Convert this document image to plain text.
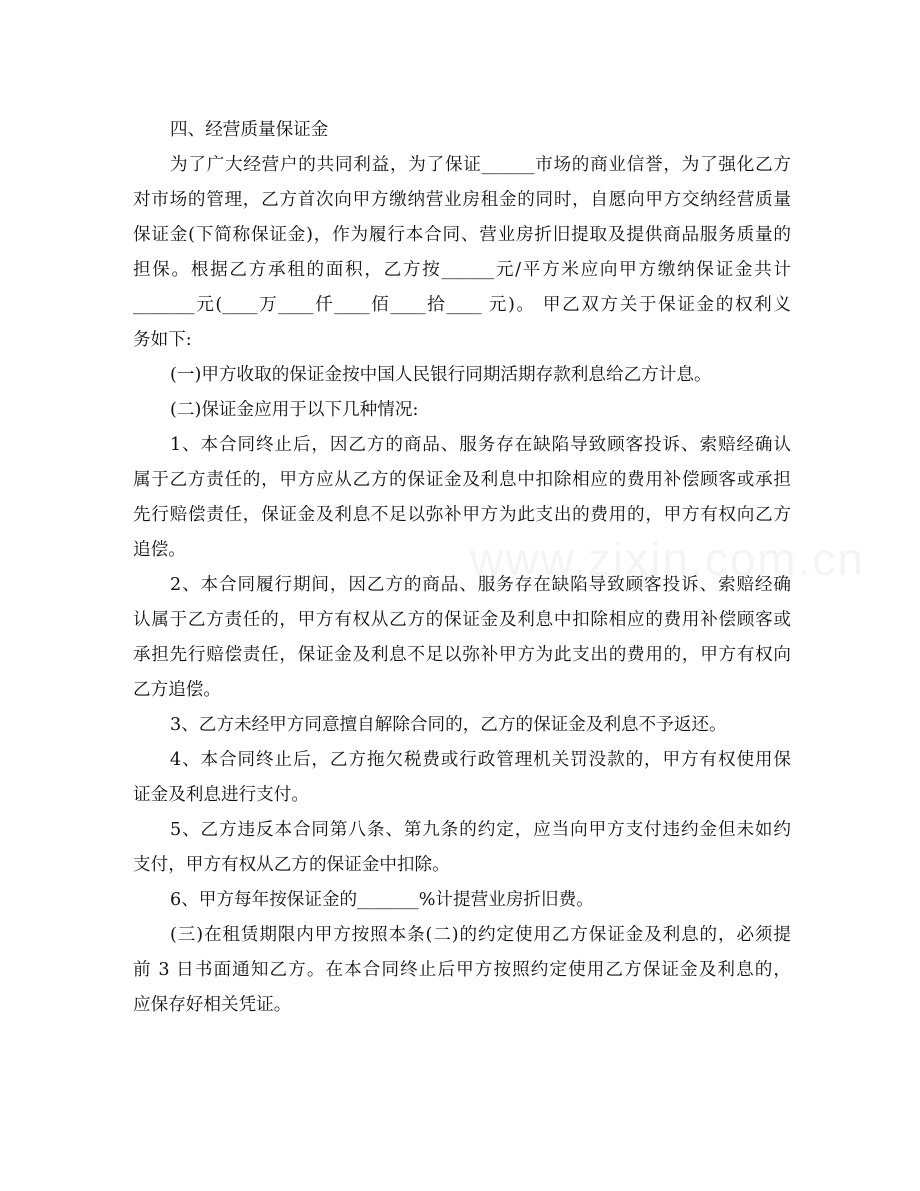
www.zixin.com.cn
四、经营质量保证金
为了广大经营户的共同利益，为了保证______市场的商业信誉，为了强化乙方
对市场的管理，乙方首次向甲方缴纳营业房租金的同时，自愿向甲方交纳经营质量
保证金(下简称保证金)，作为履行本合同、营业房折旧提取及提供商品服务质量的
担保。根据乙方承租的面积，乙方按______元/平方米应向甲方缴纳保证金共计
_______元(____万____仟____佰____拾____ 元)。 甲乙双方关于保证金的权利义
务如下:
(一)甲方收取的保证金按中国人民银行同期活期存款利息给乙方计息。
(二)保证金应用于以下几种情况:
1、本合同终止后，因乙方的商品、服务存在缺陷导致顾客投诉、索赔经确认
属于乙方责任的，甲方应从乙方的保证金及利息中扣除相应的费用补偿顾客或承担
先行赔偿责任，保证金及利息不足以弥补甲方为此支出的费用的，甲方有权向乙方
追偿。
2、本合同履行期间，因乙方的商品、服务存在缺陷导致顾客投诉、索赔经确
认属于乙方责任的，甲方有权从乙方的保证金及利息中扣除相应的费用补偿顾客或
承担先行赔偿责任，保证金及利息不足以弥补甲方为此支出的费用的，甲方有权向
乙方追偿。
3、乙方未经甲方同意擅自解除合同的，乙方的保证金及利息不予返还。
4、本合同终止后，乙方拖欠税费或行政管理机关罚没款的，甲方有权使用保
证金及利息进行支付。
5、乙方违反本合同第八条、第九条的约定，应当向甲方支付违约金但未如约
支付，甲方有权从乙方的保证金中扣除。
6、甲方每年按保证金的_______%计提营业房折旧费。
(三)在租赁期限内甲方按照本条(二)的约定使用乙方保证金及利息的，必须提
前 3 日书面通知乙方。在本合同终止后甲方按照约定使用乙方保证金及利息的，
应保存好相关凭证。
